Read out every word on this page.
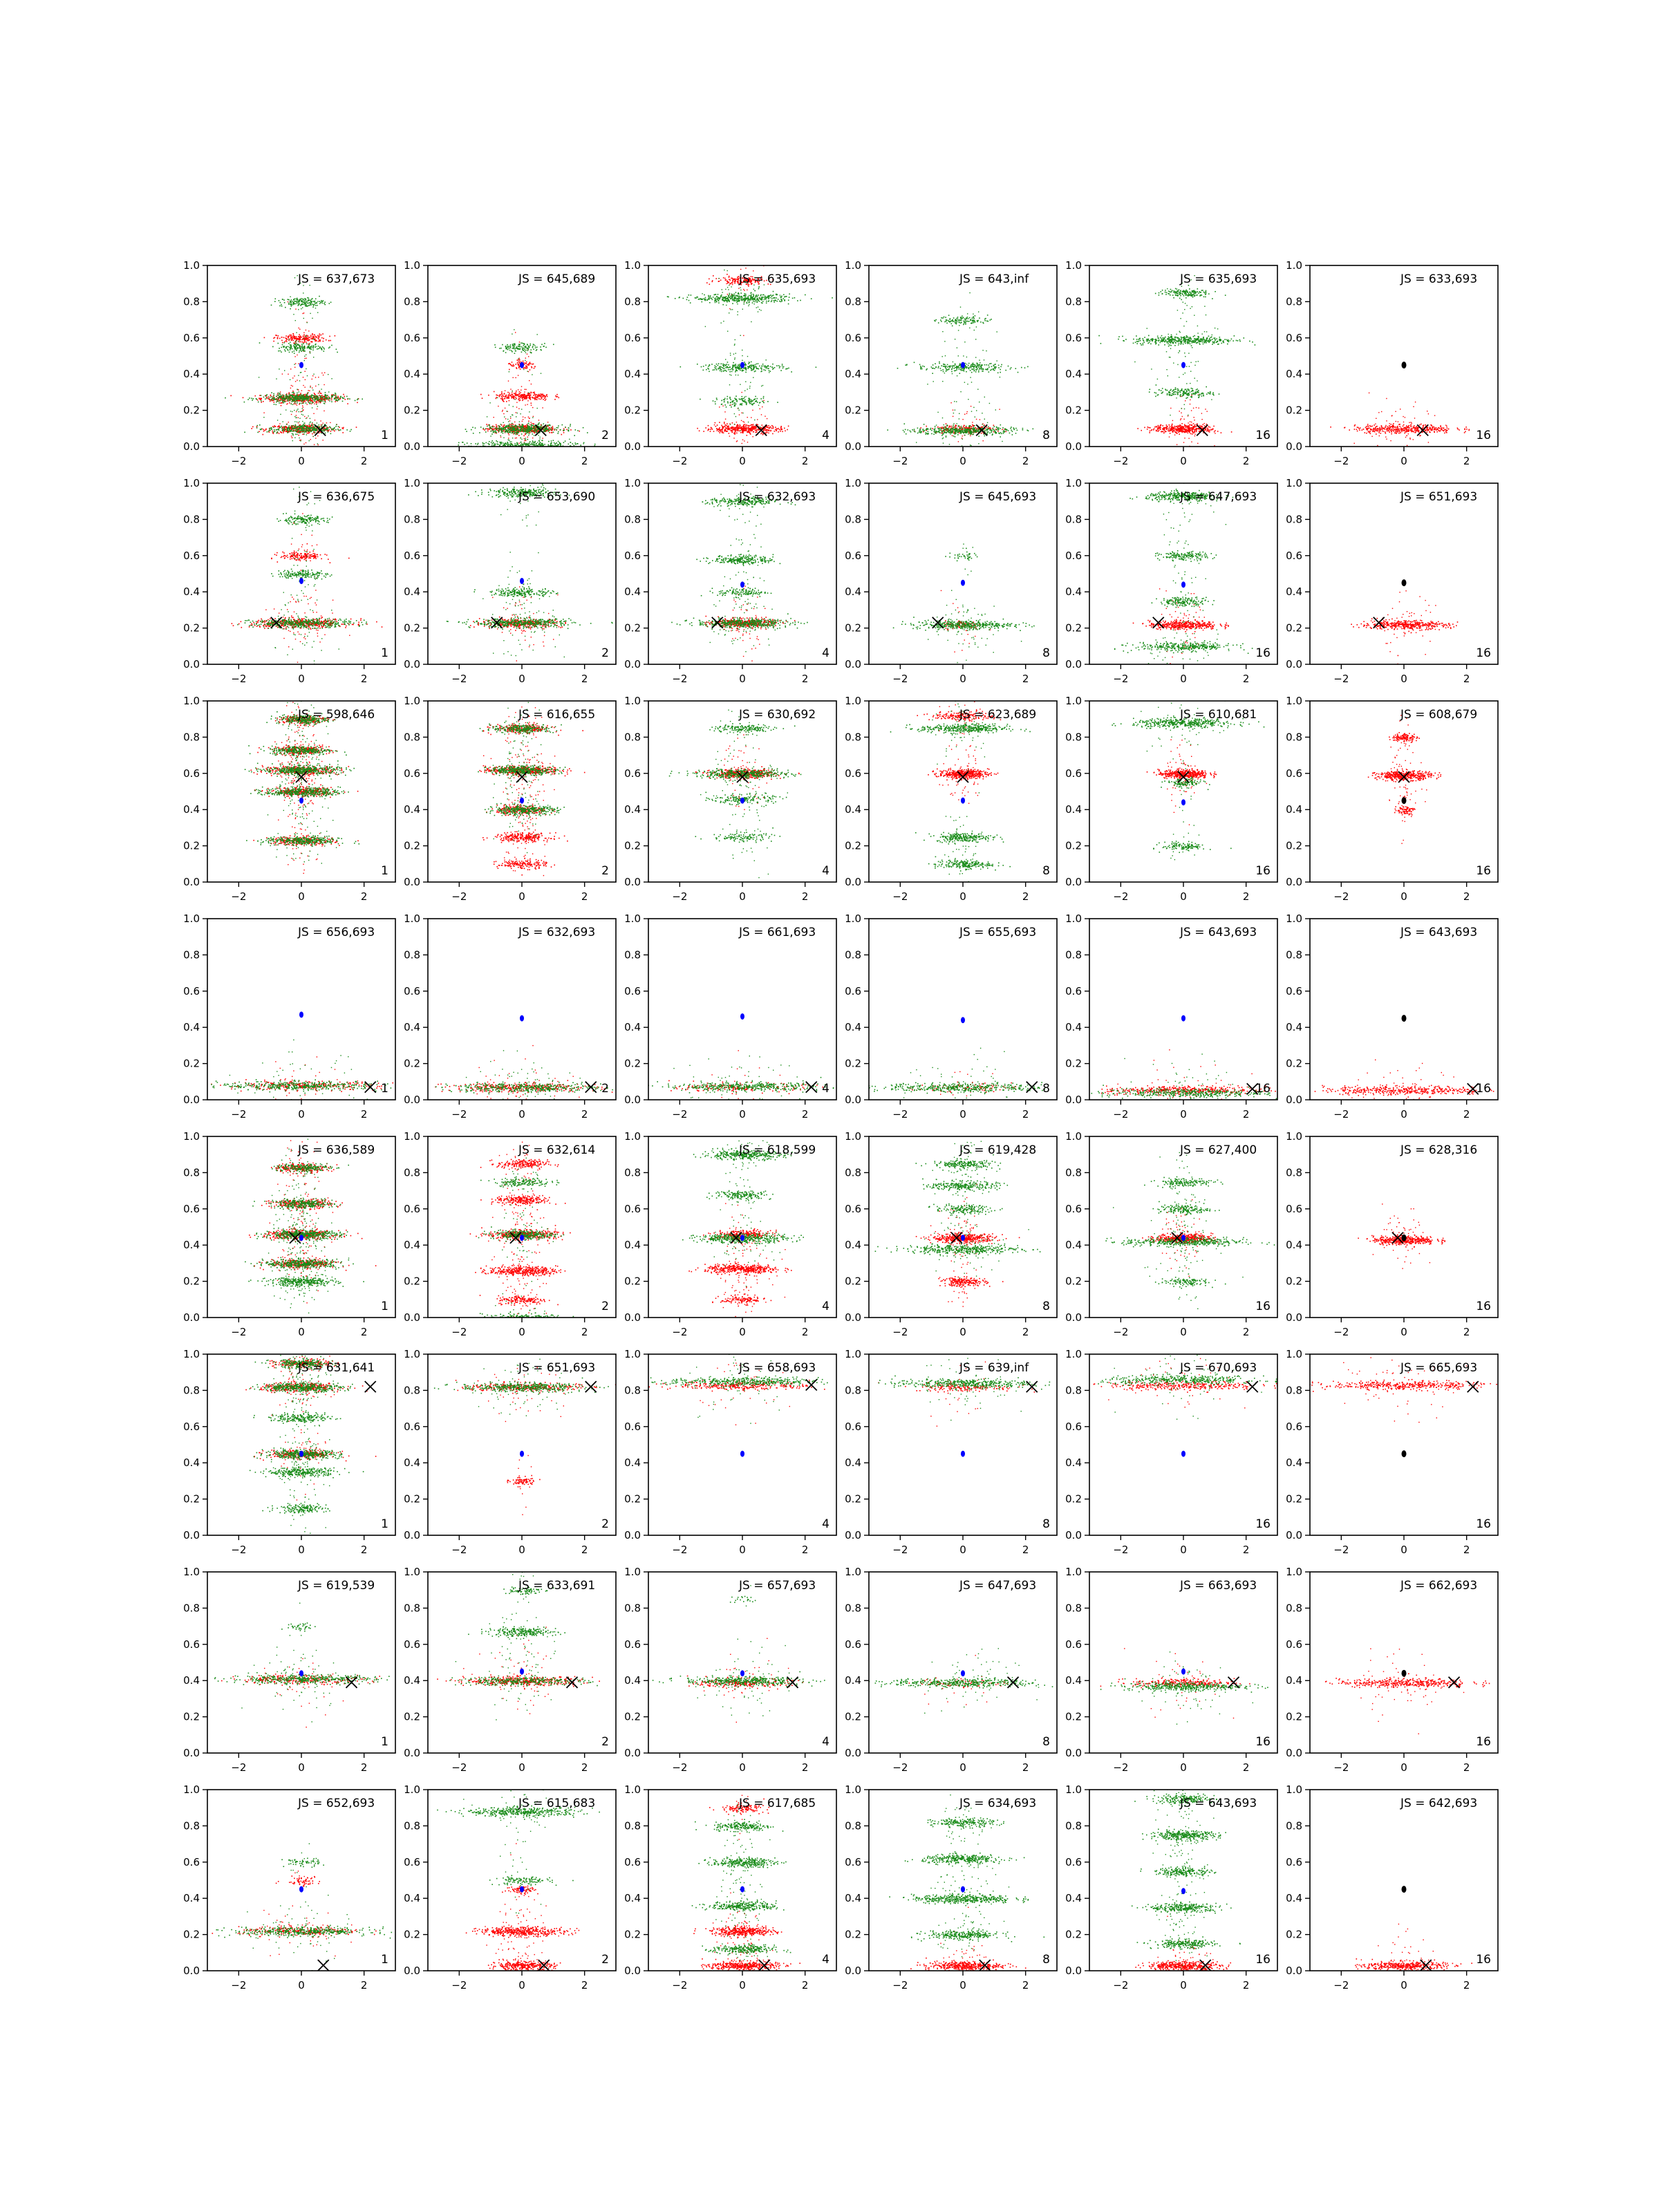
−2	0	2
0.0
0.2
0.4
0.6
0.8
1.0
JS = 637,673
1
−2	0	2
0.0
0.2
0.4
0.6
0.8
1.0
JS = 645,689
2
−2	0	2
0.0
0.2
0.4
0.6
0.8
1.0
JS = 635,693
4
−2	0	2
0.0
0.2
0.4
0.6
0.8
1.0
JS = 643,inf
8
−2	0	2
0.0
0.2
0.4
0.6
0.8
1.0
JS = 635,693
16
−2	0	2
0.0
0.2
0.4
0.6
0.8
1.0
JS = 633,693
16
−2	0	2
0.0
0.2
0.4
0.6
0.8
1.0
JS = 636,675
1
−2	0	2
0.0
0.2
0.4
0.6
0.8
1.0
JS = 653,690
2
−2	0	2
0.0
0.2
0.4
0.6
0.8
1.0
JS = 632,693
4
−2	0	2
0.0
0.2
0.4
0.6
0.8
1.0
JS = 645,693
8
−2	0	2
0.0
0.2
0.4
0.6
0.8
1.0
JS = 647,693
16
−2	0	2
0.0
0.2
0.4
0.6
0.8
1.0
JS = 651,693
16
−2	0	2
0.0
0.2
0.4
0.6
0.8
1.0
JS = 598,646
1
−2	0	2
0.0
0.2
0.4
0.6
0.8
1.0
JS = 616,655
2
−2	0	2
0.0
0.2
0.4
0.6
0.8
1.0
JS = 630,692
4
−2	0	2
0.0
0.2
0.4
0.6
0.8
1.0
JS = 623,689
8
−2	0	2
0.0
0.2
0.4
0.6
0.8
1.0
JS = 610,681
16
−2	0	2
0.0
0.2
0.4
0.6
0.8
1.0
JS = 608,679
16
−2	0	2
0.0
0.2
0.4
0.6
0.8
1.0
JS = 656,693
1
−2	0	2
0.0
0.2
0.4
0.6
0.8
1.0
JS = 632,693
2
−2	0	2
0.0
0.2
0.4
0.6
0.8
1.0
JS = 661,693
4
−2	0	2
0.0
0.2
0.4
0.6
0.8
1.0
JS = 655,693
8
−2	0	2
0.0
0.2
0.4
0.6
0.8
1.0
JS = 643,693
16
−2	0	2
0.0
0.2
0.4
0.6
0.8
1.0
JS = 643,693
16
−2	0	2
0.0
0.2
0.4
0.6
0.8
1.0
JS = 636,589
1
−2	0	2
0.0
0.2
0.4
0.6
0.8
1.0
JS = 632,614
2
−2	0	2
0.0
0.2
0.4
0.6
0.8
1.0
JS = 618,599
4
−2	0	2
0.0
0.2
0.4
0.6
0.8
1.0
JS = 619,428
8
−2	0	2
0.0
0.2
0.4
0.6
0.8
1.0
JS = 627,400
16
−2	0	2
0.0
0.2
0.4
0.6
0.8
1.0
JS = 628,316
16
−2	0	2
0.0
0.2
0.4
0.6
0.8
1.0
JS = 631,641
1
−2	0	2
0.0
0.2
0.4
0.6
0.8
1.0
JS = 651,693
2
−2	0	2
0.0
0.2
0.4
0.6
0.8
1.0
JS = 658,693
4
−2	0	2
0.0
0.2
0.4
0.6
0.8
1.0
JS = 639,inf
8
−2	0	2
0.0
0.2
0.4
0.6
0.8
1.0
JS = 670,693
16
−2	0	2
0.0
0.2
0.4
0.6
0.8
1.0
JS = 665,693
16
−2	0	2
0.0
0.2
0.4
0.6
0.8
1.0
JS = 619,539
1
−2	0	2
0.0
0.2
0.4
0.6
0.8
1.0
JS = 633,691
2
−2	0	2
0.0
0.2
0.4
0.6
0.8
1.0
JS = 657,693
4
−2	0	2
0.0
0.2
0.4
0.6
0.8
1.0
JS = 647,693
8
−2	0	2
0.0
0.2
0.4
0.6
0.8
1.0
JS = 663,693
16
−2	0	2
0.0
0.2
0.4
0.6
0.8
1.0
JS = 662,693
16
−2	0	2
0.0
0.2
0.4
0.6
0.8
1.0
JS = 652,693
1
−2	0	2
0.0
0.2
0.4
0.6
0.8
1.0
JS = 615,683
2
−2	0	2
0.0
0.2
0.4
0.6
0.8
1.0
JS = 617,685
4
−2	0	2
0.0
0.2
0.4
0.6
0.8
1.0
JS = 634,693
8
−2	0	2
0.0
0.2
0.4
0.6
0.8
1.0
JS = 643,693
16
−2	0	2
0.0
0.2
0.4
0.6
0.8
1.0
JS = 642,693
16
